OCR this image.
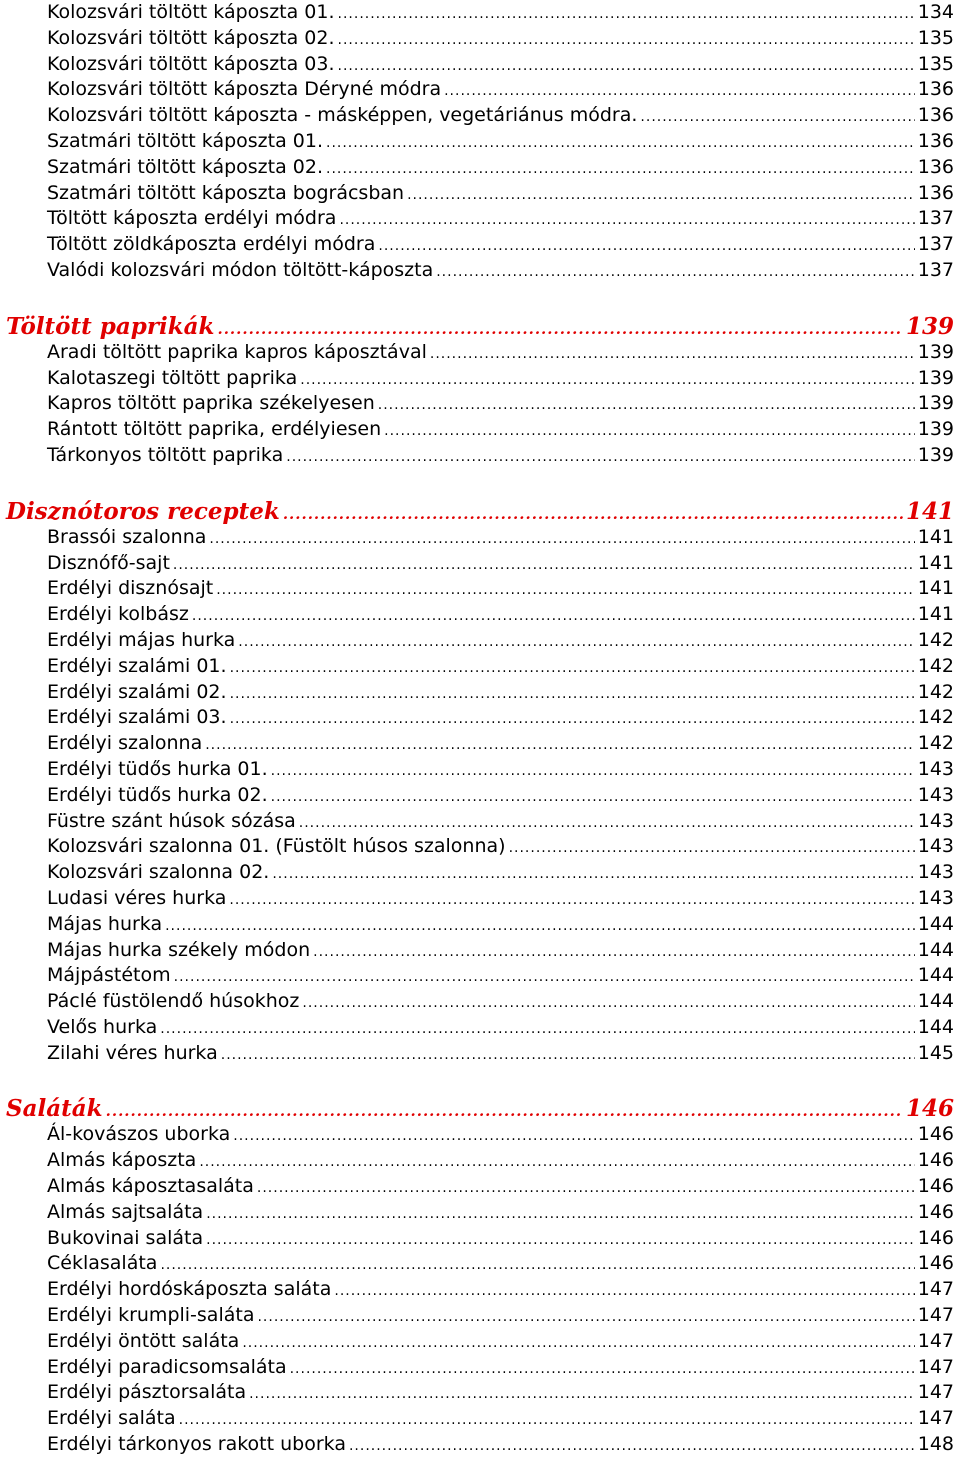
Kolozsvári töltött káposzta 01. .....	134
Kolozsvári töltött káposzta 02. .....	135
Kolozsvári töltött káposzta 03. .....	135
Kolozsvári töltött káposzta Déryné módra .....	136
Kolozsvári töltött káposzta - másképpen, vegetáriánus módra. .....	136
Szatmári töltött káposzta 01. .....	136
Szatmári töltött káposzta 02. .....	136
Szatmári töltött káposzta bográcsban .....	136
Töltött káposzta erdélyi módra .....	137
Töltött zöldkáposzta erdélyi módra .....	137
Valódi kolozsvári módon töltött-káposzta .....	137
Töltött paprikák .....	139
Aradi töltött paprika kapros káposztával .....	139
Kalotaszegi töltött paprika .....	139
Kapros töltött paprika székelyesen .....	139
Rántott töltött paprika, erdélyiesen .....	139
Tárkonyos töltött paprika .....	139
Disznótoros receptek .....	141
Brassói szalonna .....	141
Disznófő-sajt .....	141
Erdélyi disznósajt .....	141
Erdélyi kolbász .....	141
Erdélyi májas hurka .....	142
Erdélyi szalámi 01. .....	142
Erdélyi szalámi 02. .....	142
Erdélyi szalámi 03. .....	142
Erdélyi szalonna .....	142
Erdélyi tüdős hurka 01. .....	143
Erdélyi tüdős hurka 02. .....	143
Füstre szánt húsok sózása .....	143
Kolozsvári szalonna 01. (Füstölt húsos szalonna) .....	143
Kolozsvári szalonna 02. .....	143
Ludasi véres hurka .....	143
Májas hurka .....	144
Májas hurka székely módon .....	144
Májpástétom .....	144
Páclé füstölendő húsokhoz .....	144
Velős hurka .....	144
Zilahi véres hurka .....	145
Saláták .....	146
Ál-kovászos uborka .....	146
Almás káposzta .....	146
Almás káposztasaláta .....	146
Almás sajtsaláta .....	146
Bukovinai saláta .....	146
Céklasaláta .....	146
Erdélyi hordóskáposzta saláta .....	147
Erdélyi krumpli-saláta .....	147
Erdélyi öntött saláta .....	147
Erdélyi paradicsomsaláta .....	147
Erdélyi pásztorsaláta .....	147
Erdélyi saláta .....	147
Erdélyi tárkonyos rakott uborka .....	148
